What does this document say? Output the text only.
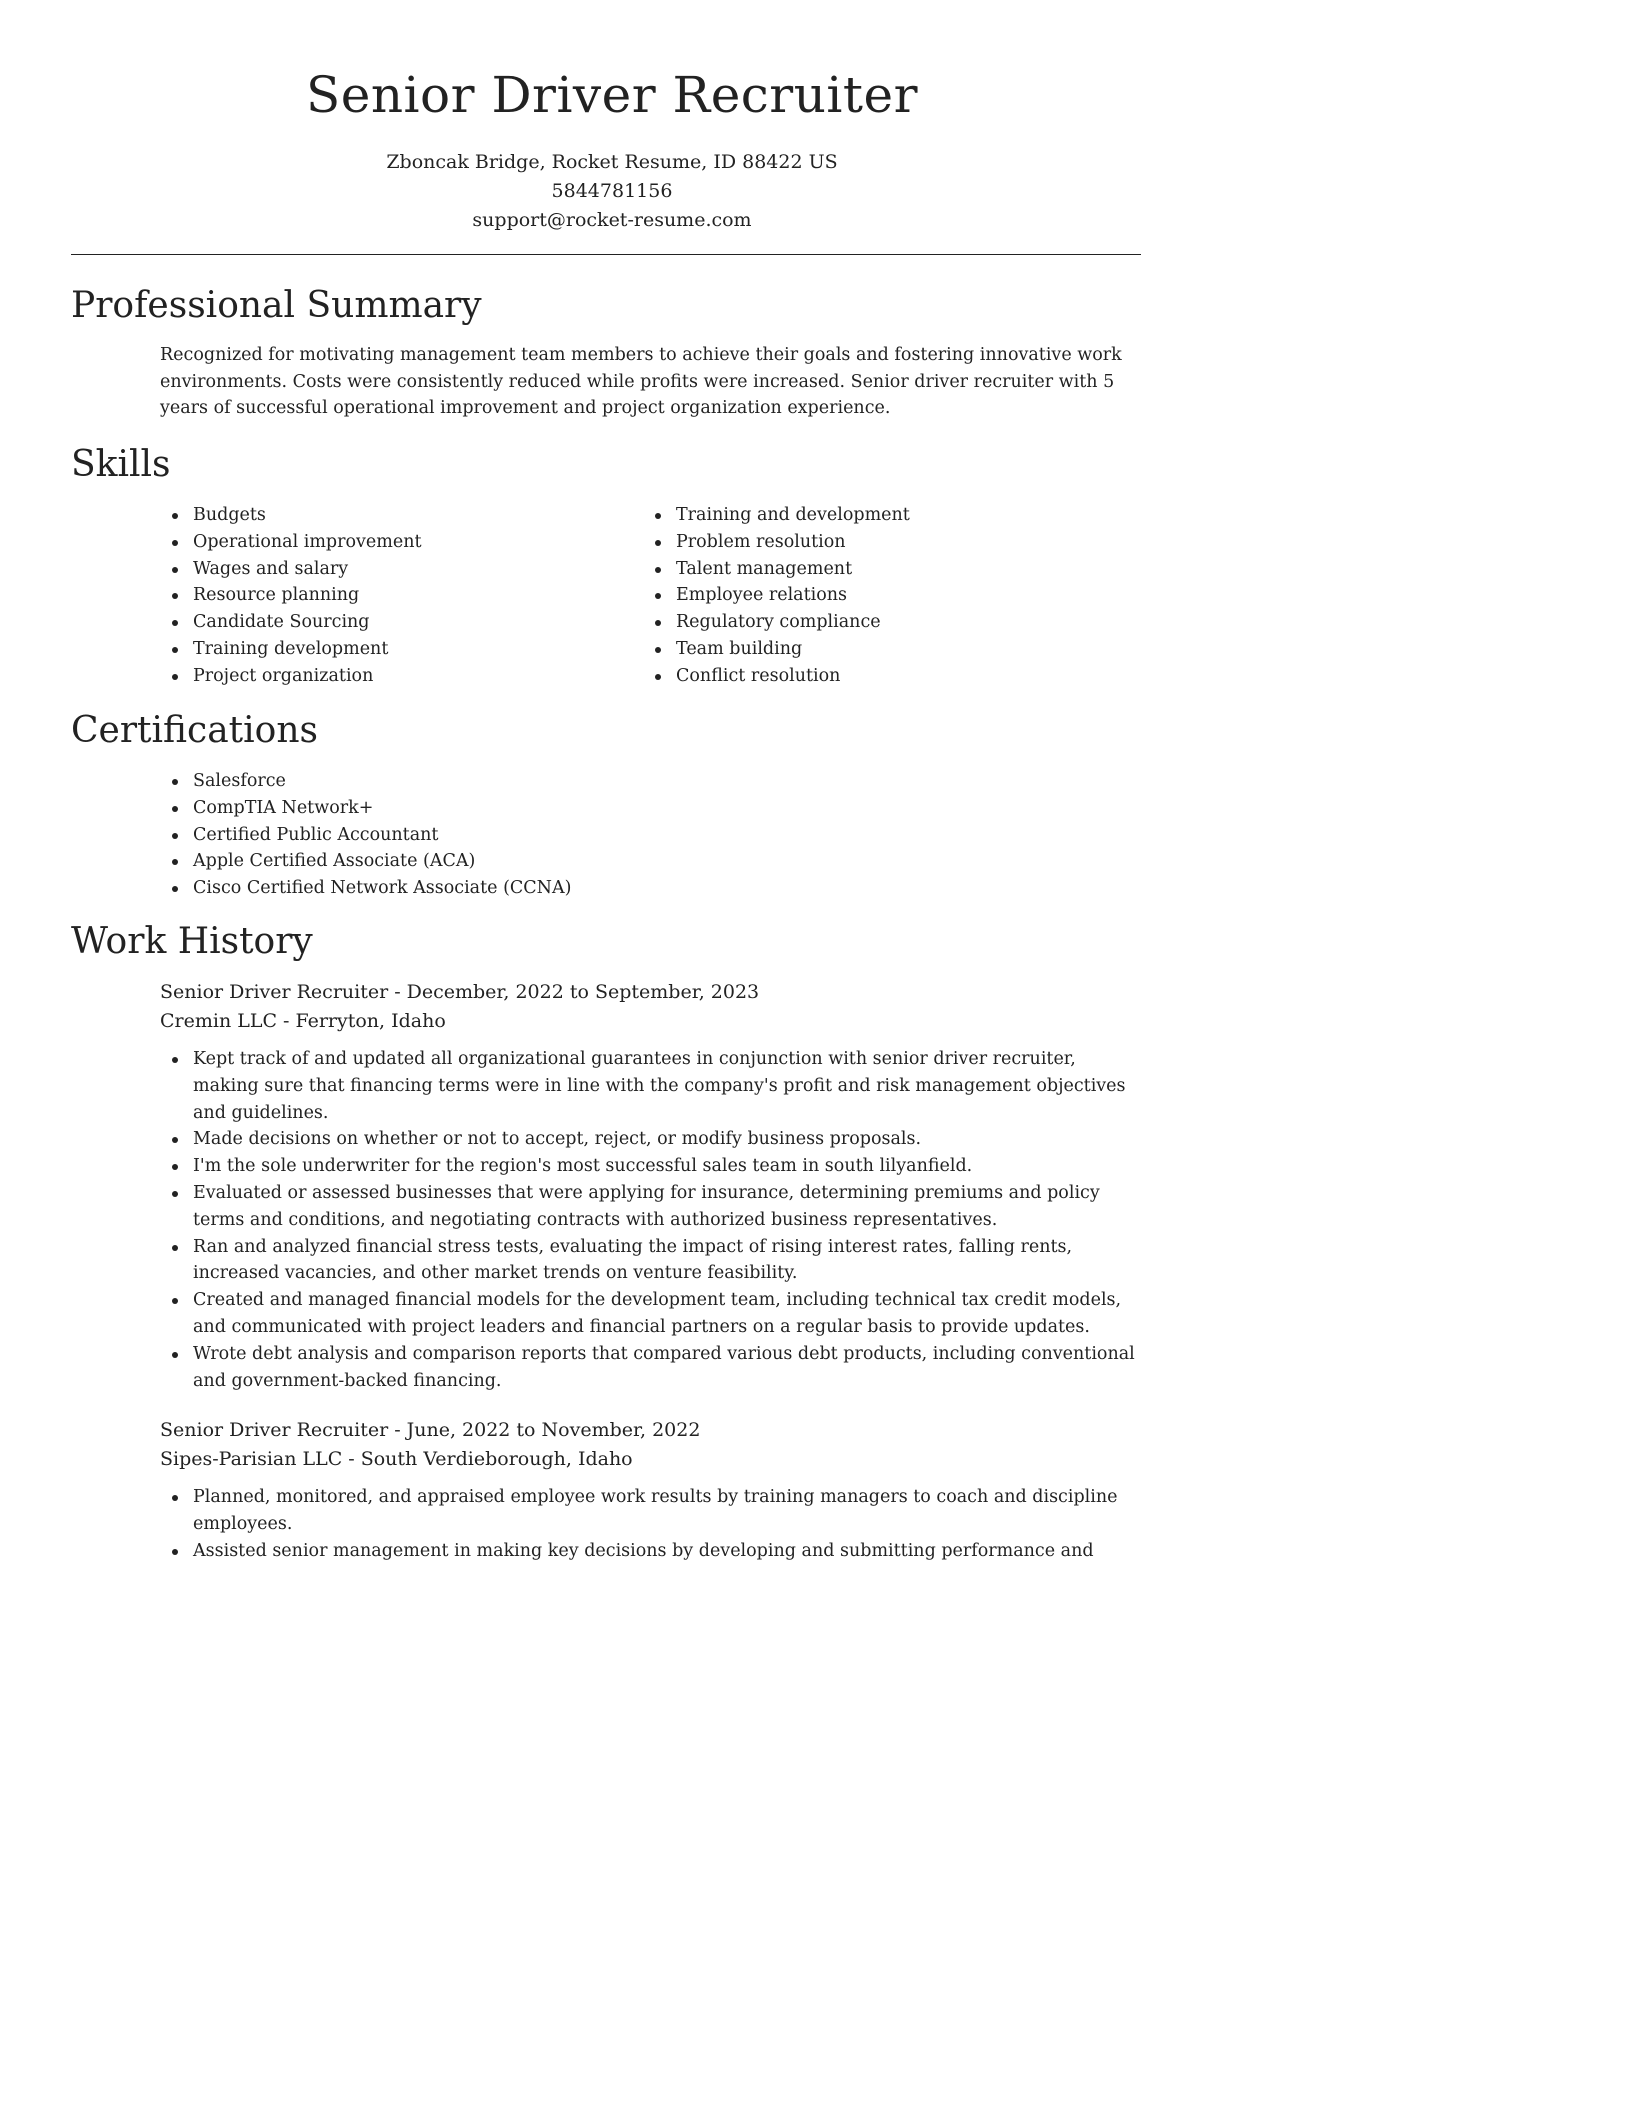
Senior Driver Recruiter
Zboncak Bridge, Rocket Resume, ID 88422 US
5844781156
support@rocket-resume.com
Professional Summary

Recognized for motivating management team members to achieve their goals and fostering innovative work environments. Costs were consistently reduced while profits were increased. Senior driver recruiter with 5 years of successful operational improvement and project organization experience.

Skills
Budgets
Operational improvement
Wages and salary
Resource planning
Candidate Sourcing
Training development
Project organization
Training and development
Problem resolution
Talent management
Employee relations
Regulatory compliance
Team building
Conflict resolution
Certifications
Salesforce
CompTIA Network+
Certified Public Accountant
Apple Certified Associate (ACA)
Cisco Certified Network Associate (CCNA)
Work History

Senior Driver Recruiter - December, 2022 to September, 2023

Cremin LLC - Ferryton, Idaho

Kept track of and updated all organizational guarantees in conjunction with senior driver recruiter, making sure that financing terms were in line with the company's profit and risk management objectives and guidelines.
Made decisions on whether or not to accept, reject, or modify business proposals.
I'm the sole underwriter for the region's most successful sales team in south lilyanfield.
Evaluated or assessed businesses that were applying for insurance, determining premiums and policy terms and conditions, and negotiating contracts with authorized business representatives.
Ran and analyzed financial stress tests, evaluating the impact of rising interest rates, falling rents, increased vacancies, and other market trends on venture feasibility.
Created and managed financial models for the development team, including technical tax credit models, and communicated with project leaders and financial partners on a regular basis to provide updates.
Wrote debt analysis and comparison reports that compared various debt products, including conventional and government-backed financing.

Senior Driver Recruiter - June, 2022 to November, 2022

Sipes-Parisian LLC - South Verdieborough, Idaho

Planned, monitored, and appraised employee work results by training managers to coach and discipline employees.
Assisted senior management in making key decisions by developing and submitting performance and
